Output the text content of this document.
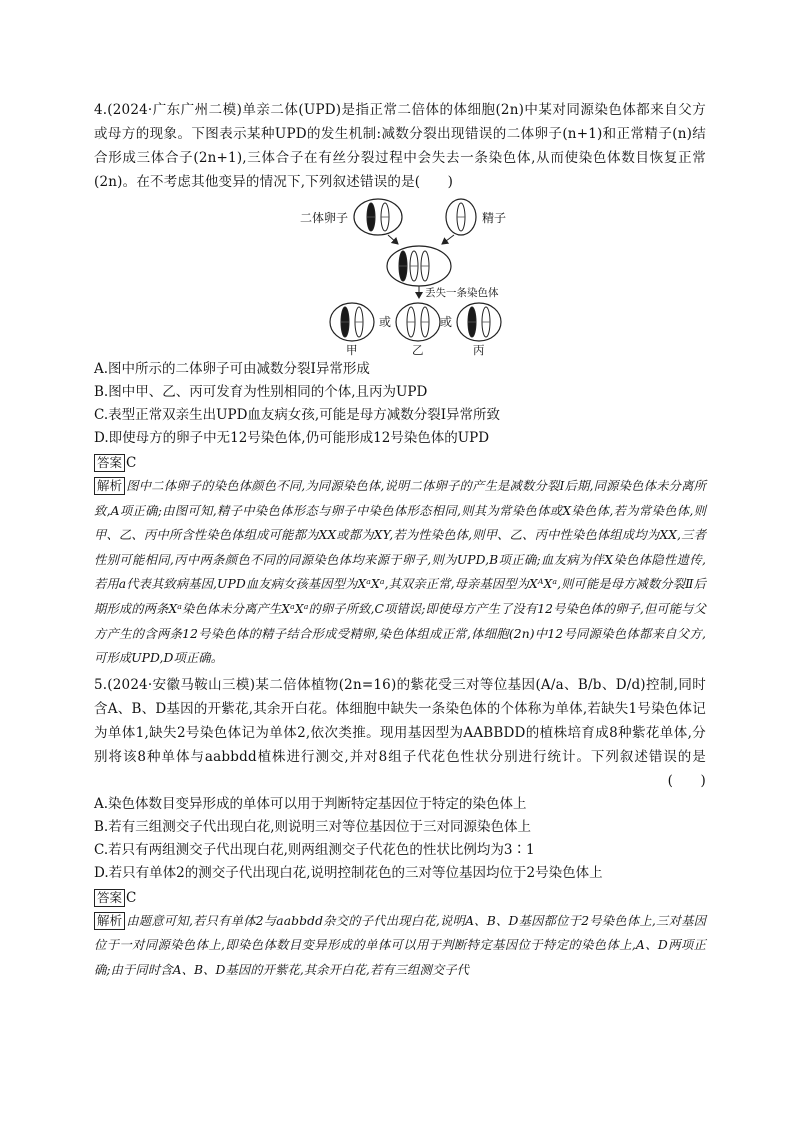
4.(2024·广东广州二模)单亲二体(UPD)是指正常二倍体的体细胞(2n)中某对同源染色体都来自父方或母方的现象。下图表示某种UPD的发生机制:减数分裂出现错误的二体卵子(n+1)和正常精子(n)结合形成三体合子(2n+1),三体合子在有丝分裂过程中会失去一条染色体,从而使染色体数目恢复正常(2n)。在不考虑其他变异的情况下,下列叙述错误的是(　　)

二体卵子	精子
丢失一条染色体
或	或
甲	乙	丙

A.图中所示的二体卵子可由减数分裂Ⅰ异常形成

B.图中甲、乙、丙可发育为性别相同的个体,且丙为UPD

C.表型正常双亲生出UPD血友病女孩,可能是母方减数分裂Ⅰ异常所致

D.即使母方的卵子中无12号染色体,仍可能形成12号染色体的UPD

答案 C

解析 图中二体卵子的染色体颜色不同,为同源染色体,说明二体卵子的产生是减数分裂Ⅰ后期,同源染色体未分离所致,A项正确;由图可知,精子中染色体形态与卵子中染色体形态相同,则其为常染色体或X染色体,若为常染色体,则甲、乙、丙中所含性染色体组成可能都为XX或都为XY,若为性染色体,则甲、乙、丙中性染色体组成均为XX,三者性别可能相同,丙中两条颜色不同的同源染色体均来源于卵子,则为UPD,B项正确;血友病为伴X染色体隐性遗传,若用a代表其致病基因,UPD血友病女孩基因型为XᵃXᵃ,其双亲正常,母亲基因型为XᴬXᵃ,则可能是母方减数分裂Ⅱ后期形成的两条Xᵃ染色体未分离产生XᵃXᵃ的卵子所致,C项错误;即使母方产生了没有12号染色体的卵子,但可能与父方产生的含两条12号染色体的精子结合形成受精卵,染色体组成正常,体细胞(2n)中12号同源染色体都来自父方,可形成UPD,D项正确。

5.(2024·安徽马鞍山三模)某二倍体植物(2n=16)的紫花受三对等位基因(A/a、B/b、D/d)控制,同时含A、B、D基因的开紫花,其余开白花。体细胞中缺失一条染色体的个体称为单体,若缺失1号染色体记为单体1,缺失2号染色体记为单体2,依次类推。现用基因型为AABBDD的植株培育成8种紫花单体,分别将该8种单体与aabbdd植株进行测交,并对8组子代花色性状分别进行统计。下列叙述错误的是
(　　)

A.染色体数目变异形成的单体可以用于判断特定基因位于特定的染色体上

B.若有三组测交子代出现白花,则说明三对等位基因位于三对同源染色体上

C.若只有两组测交子代出现白花,则两组测交子代花色的性状比例均为3∶1

D.若只有单体2的测交子代出现白花,说明控制花色的三对等位基因均位于2号染色体上

答案 C

解析 由题意可知,若只有单体2与aabbdd杂交的子代出现白花,说明A、B、D基因都位于2号染色体上,三对基因位于一对同源染色体上,即染色体数目变异形成的单体可以用于判断特定基因位于特定的染色体上,A、D两项正确;由于同时含A、B、D基因的开紫花,其余开白花,若有三组测交子代
